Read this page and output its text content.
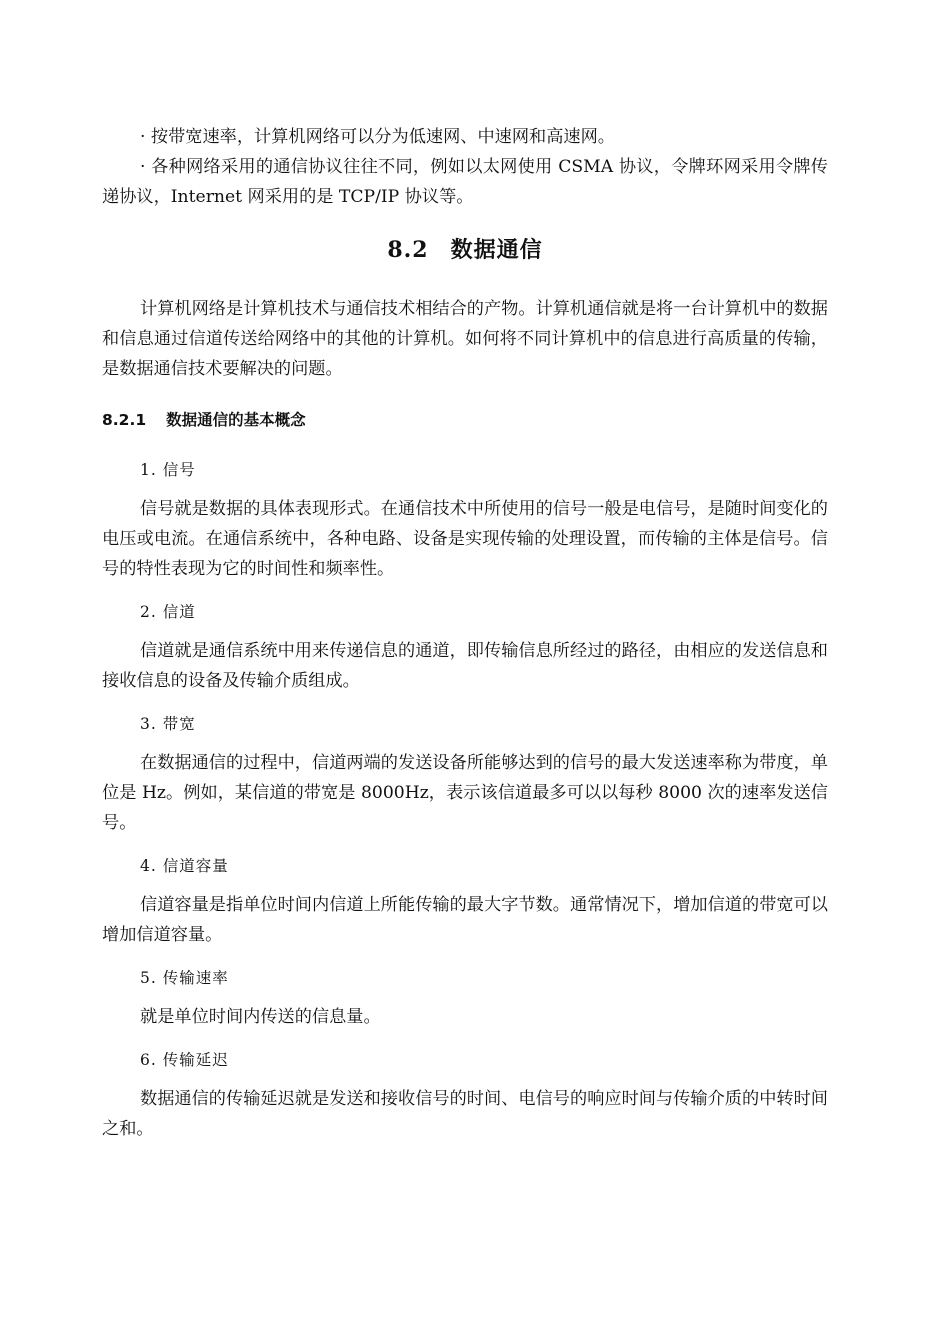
· 按带宽速率，计算机网络可以分为低速网、中速网和高速网。

· 各种网络采用的通信协议往往不同，例如以太网使用 CSMA 协议，令牌环网采用令牌传递协议，Internet 网采用的是 TCP/IP 协议等。

8.2 数据通信

计算机网络是计算机技术与通信技术相结合的产物。计算机通信就是将一台计算机中的数据和信息通过信道传送给网络中的其他的计算机。如何将不同计算机中的信息进行高质量的传输，是数据通信技术要解决的问题。

8.2.1 数据通信的基本概念
1. 信号

信号就是数据的具体表现形式。在通信技术中所使用的信号一般是电信号，是随时间变化的电压或电流。在通信系统中，各种电路、设备是实现传输的处理设置，而传输的主体是信号。信号的特性表现为它的时间性和频率性。

2. 信道

信道就是通信系统中用来传递信息的通道，即传输信息所经过的路径，由相应的发送信息和接收信息的设备及传输介质组成。

3. 带宽

在数据通信的过程中，信道两端的发送设备所能够达到的信号的最大发送速率称为带度，单位是 Hz。例如，某信道的带宽是 8000Hz，表示该信道最多可以以每秒 8000 次的速率发送信号。

4. 信道容量

信道容量是指单位时间内信道上所能传输的最大字节数。通常情况下，增加信道的带宽可以增加信道容量。

5. 传输速率

就是单位时间内传送的信息量。

6. 传输延迟

数据通信的传输延迟就是发送和接收信号的时间、电信号的响应时间与传输介质的中转时间之和。
